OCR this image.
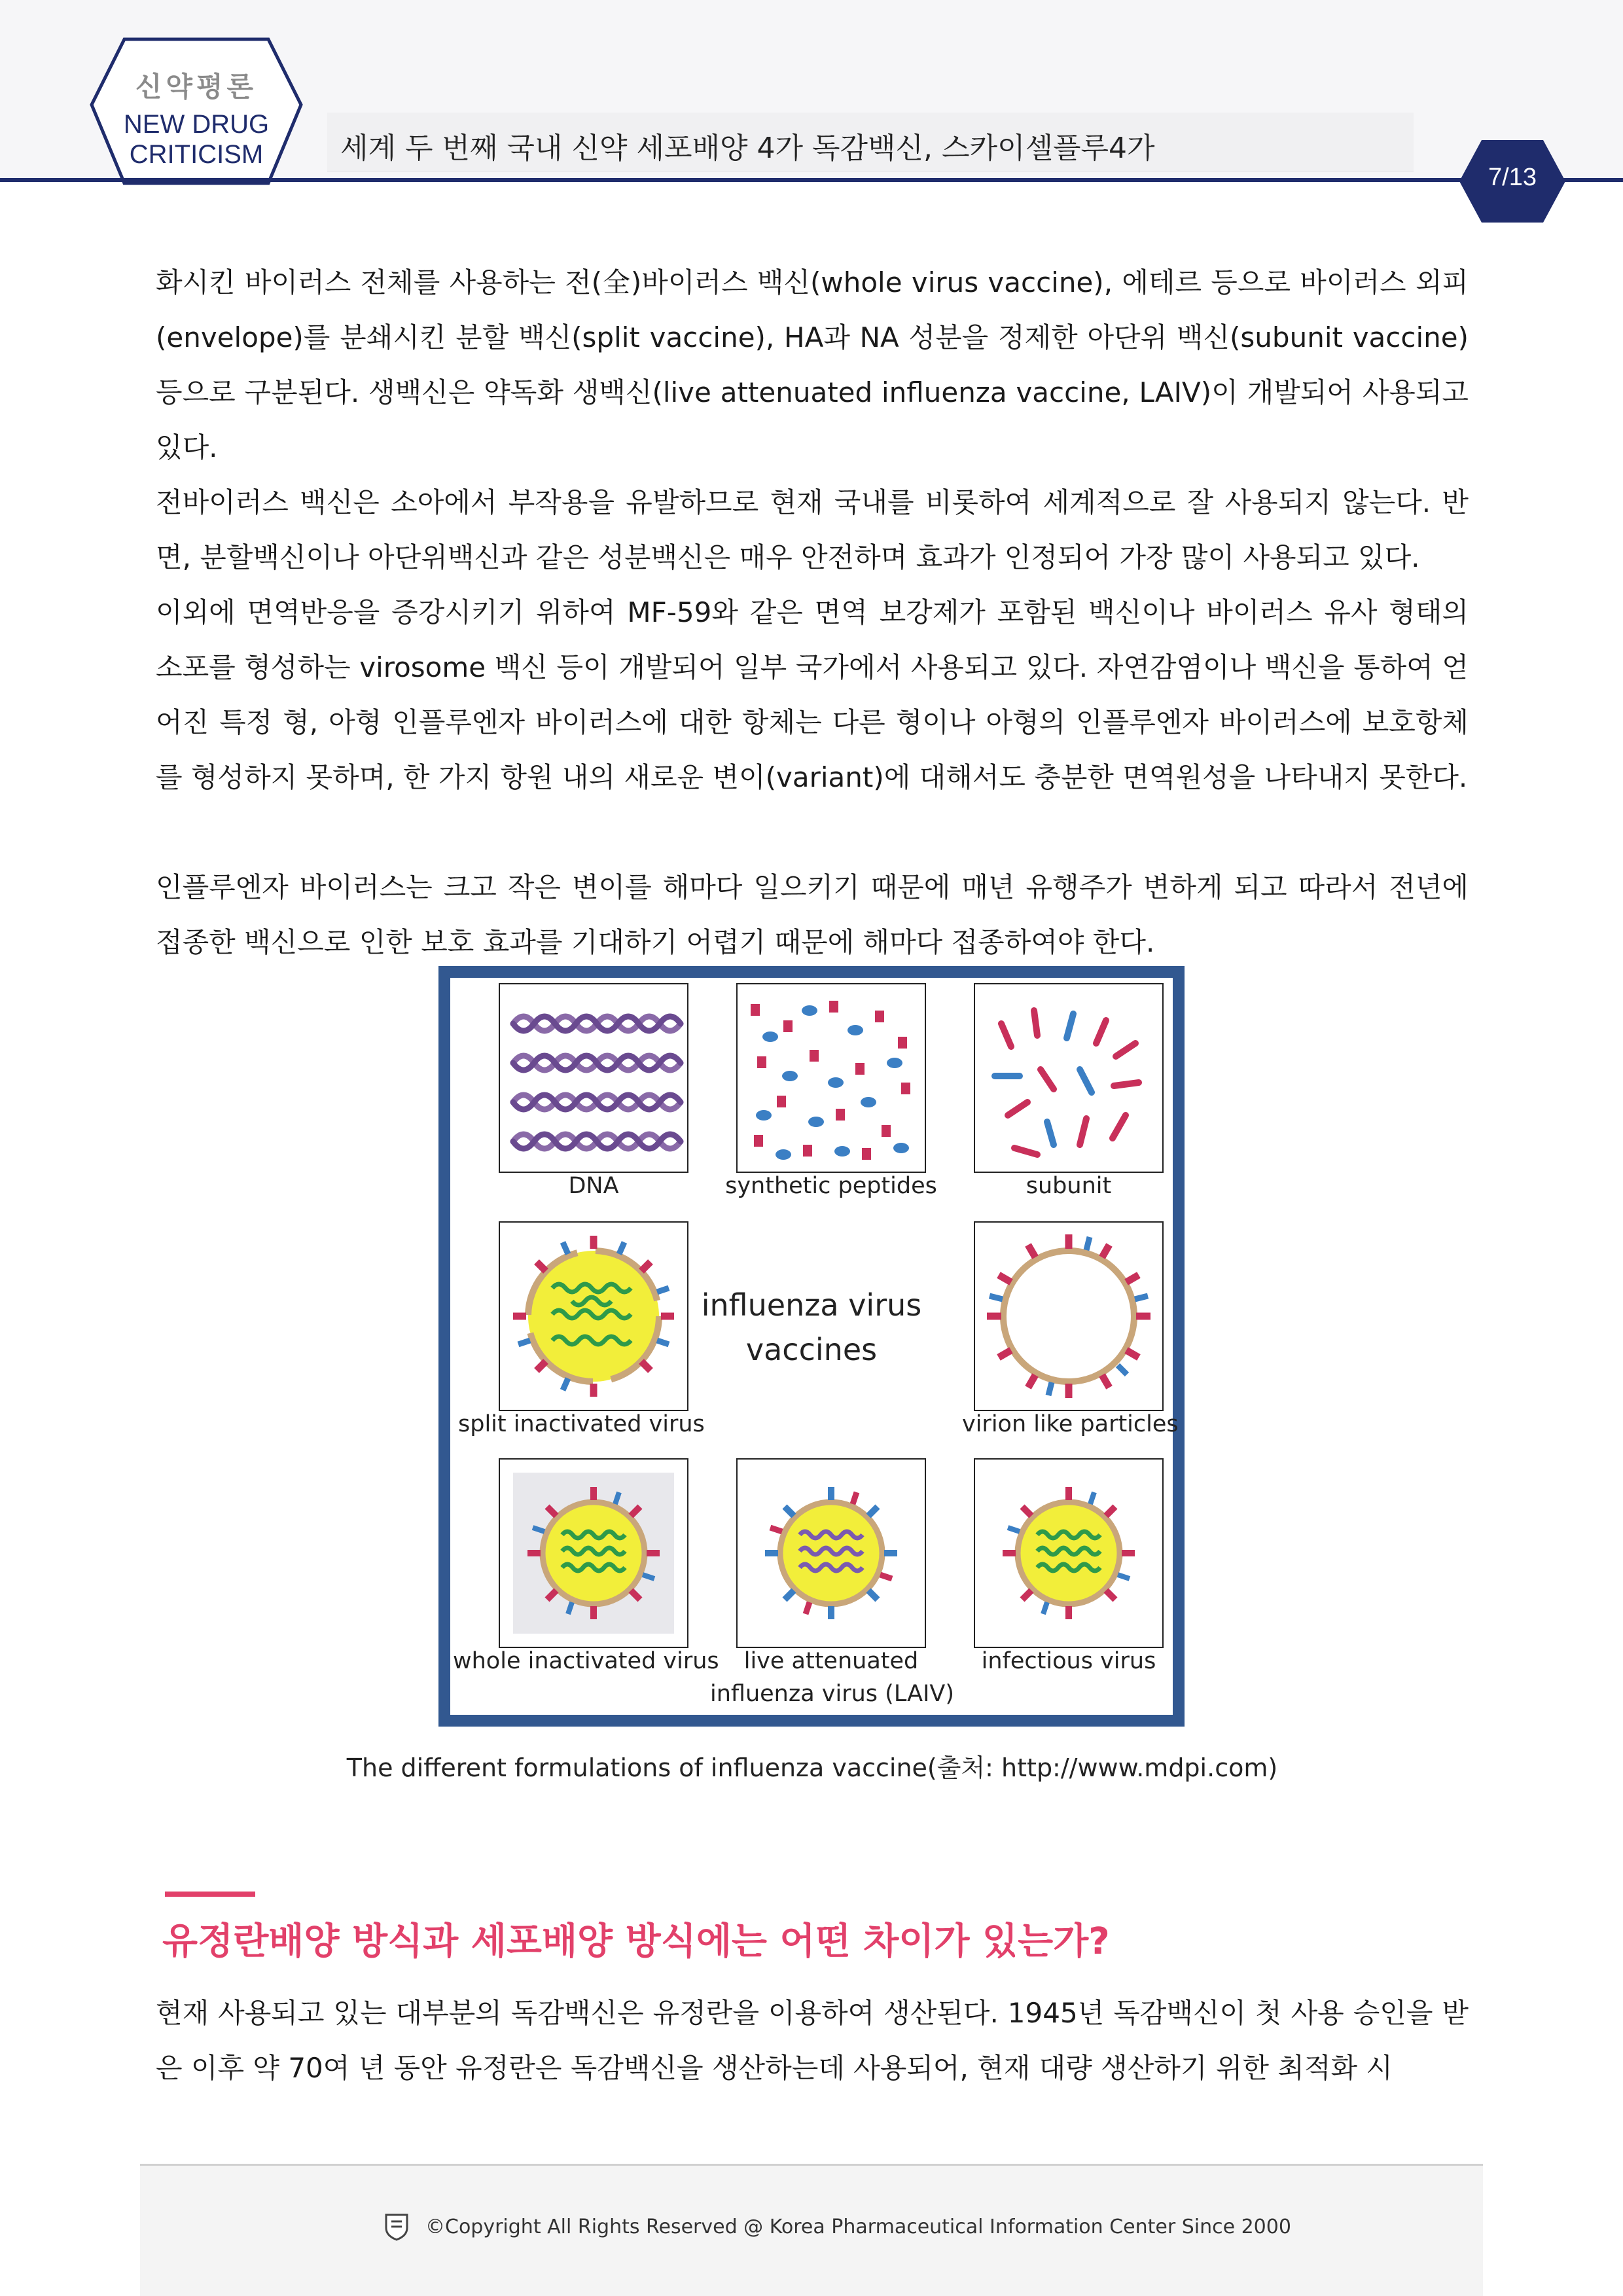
세계 두 번째 국내 신약 세포배양 4가 독감백신, 스카이셀플루4가
신약평론
NEW DRUG
CRITICISM
7/13
화시킨 바이러스 전체를 사용하는 전(全)바이러스 백신(whole virus vaccine), 에테르 등으로 바이러스 외피(envelope)를 분쇄시킨 분할 백신(split vaccine), HA과 NA 성분을 정제한 아단위 백신(subunit vaccine) 등으로 구분된다. 생백신은 약독화 생백신(live attenuated influenza vaccine, LAIV)이 개발되어 사용되고 있다.
전바이러스 백신은 소아에서 부작용을 유발하므로 현재 국내를 비롯하여 세계적으로 잘 사용되지 않는다. 반면, 분할백신이나 아단위백신과 같은 성분백신은 매우 안전하며 효과가 인정되어 가장 많이 사용되고 있다.
이외에 면역반응을 증강시키기 위하여 MF-59와 같은 면역 보강제가 포함된 백신이나 바이러스 유사 형태의 소포를 형성하는 virosome 백신 등이 개발되어 일부 국가에서 사용되고 있다. 자연감염이나 백신을 통하여 얻어진 특정 형, 아형 인플루엔자 바이러스에 대한 항체는 다른 형이나 아형의 인플루엔자 바이러스에 보호항체를 형성하지 못하며, 한 가지 항원 내의 새로운 변이(variant)에 대해서도 충분한 면역원성을 나타내지 못한다.
인플루엔자 바이러스는 크고 작은 변이를 해마다 일으키기 때문에 매년 유행주가 변하게 되고 따라서 전년에 접종한 백신으로 인한 보호 효과를 기대하기 어렵기 때문에 해마다 접종하여야 한다.
DNA	synthetic peptides	subunit
influenza virus
vaccines
split inactivated virus	virion like particles
whole inactivated virus	live attenuated
influenza virus (LAIV)
infectious virus
The different formulations of influenza vaccine(출처: http://www.mdpi.com)
유정란배양 방식과 세포배양 방식에는 어떤 차이가 있는가?
현재 사용되고 있는 대부분의 독감백신은 유정란을 이용하여 생산된다. 1945년 독감백신이 첫 사용 승인을 받은 이후 약 70여 년 동안 유정란은 독감백신을 생산하는데 사용되어, 현재 대량 생산하기 위한 최적화 시
©Copyright All Rights Reserved @ Korea Pharmaceutical Information Center Since 2000
